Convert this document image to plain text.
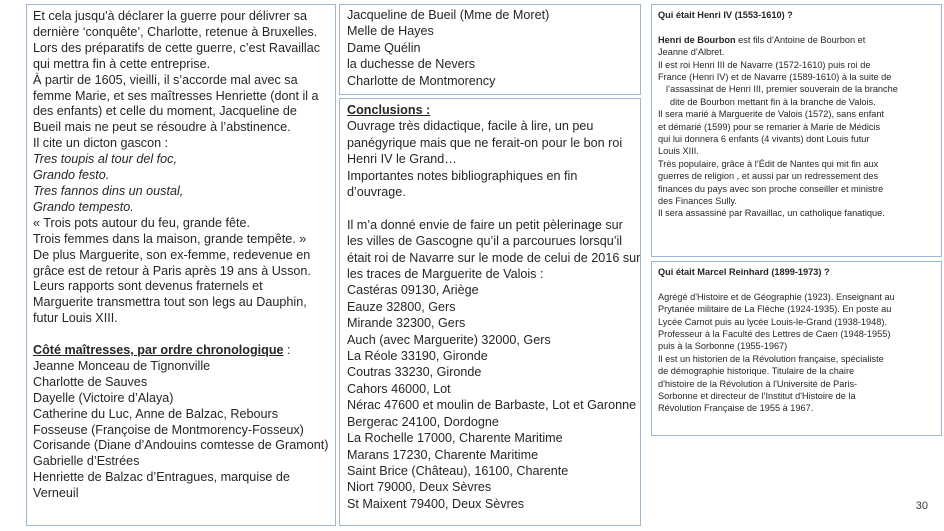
Et cela jusqu'à déclarer la guerre pour délivrer sa
dernière ‘conquête’, Charlotte, retenue à Bruxelles.
Lors des préparatifs de cette guerre, c’est Ravaillac
qui mettra fin à cette entreprise.
À partir de 1605, vieilli, il s’accorde mal avec sa
femme Marie, et ses maîtresses Henriette (dont il a
des enfants) et celle du moment, Jacqueline de
Bueil mais ne peut se résoudre à l’abstinence.
Il cite un dicton gascon :
Tres toupis al tour del foc,
Grando festo.
Tres fannos dins un oustal,
Grando tempesto.
« Trois pots autour du feu, grande fête.
Trois femmes dans la maison, grande tempête. »
De plus Marguerite, son ex-femme, redevenue en
grâce est de retour à Paris après 19 ans à Usson.
Leurs rapports sont devenus fraternels et
Marguerite transmettra tout son legs au Dauphin,
futur Louis XIII.
Côté maîtresses, par ordre chronologique :
Jeanne Monceau de Tignonville
Charlotte de Sauves
Dayelle (Victoire d’Alaya)
Catherine du Luc, Anne de Balzac, Rebours
Fosseuse (Françoise de Montmorency-Fosseux)
Corisande (Diane d’Andouins comtesse de Gramont)
Gabrielle d’Estrées
Henriette de Balzac d’Entragues, marquise de
Verneuil
Jacqueline de Bueil (Mme de Moret)
Melle de Hayes
Dame Quélin
la duchesse de Nevers
Charlotte de Montmorency
Conclusions :
Ouvrage très didactique, facile à lire, un peu
panégyrique mais que ne ferait-on pour le bon roi
Henri IV le Grand…
Importantes notes bibliographiques en fin
d’ouvrage.
Il m’a donné envie de faire un petit pèlerinage sur
les villes de Gascogne qu’il a parcourues lorsqu’il
était roi de Navarre sur le mode de celui de 2016 sur
les traces de Marguerite de Valois :
Castéras 09130, Ariège
Eauze 32800, Gers
Mirande 32300, Gers
Auch (avec Marguerite) 32000, Gers
La Réole 33190, Gironde
Coutras 33230, Gironde
Cahors 46000, Lot
Nérac 47600 et moulin de Barbaste, Lot et Garonne
Bergerac 24100, Dordogne
La Rochelle 17000, Charente Maritime
Marans 17230, Charente Maritime
Saint Brice (Château), 16100, Charente
Niort 79000, Deux Sèvres
St Maixent 79400, Deux Sèvres
Qui était Henri IV (1553-1610) ?
Henri de Bourbon est fils d’Antoine de Bourbon et
Jeanne d’Albret.
Il est roi Henri III de Navarre (1572-1610) puis roi de
France (Henri IV) et de Navarre (1589-1610) à la suite de
l’assassinat de Henri III, premier souverain de la branche
dite de Bourbon mettant fin à la branche de Valois.
Il sera marié à Marguerite de Valois (1572), sans enfant
et démarié (1599) pour se remarier à Marie de Médicis
qui lui donnera 6 enfants (4 vivants) dont Louis futur
Louis XIII.
Très populaire, grâce à l’Édit de Nantes qui mit fin aux
guerres de religion , et aussi par un redressement des
finances du pays avec son proche conseiller et ministre
des Finances Sully.
Il sera assassiné par Ravaillac, un catholique fanatique.
Qui était Marcel Reinhard (1899-1973) ?
Agrégé d'Histoire et de Géographie (1923). Enseignant au
Prytanée militaire de La Flèche (1924-1935). En poste au
Lycée Carnot puis au lycée Louis-le-Grand (1938-1948).
Professeur à la Faculté des Lettres de Caen (1948-1955)
puis à la Sorbonne (1955-1967)
Il est un historien de la Révolution française, spécialiste
de démographie historique. Titulaire de la chaire
d'histoire de la Révolution à l'Université de Paris-
Sorbonne et directeur de l'Institut d'Histoire de la
Révolution Française de 1955 à 1967.
30
